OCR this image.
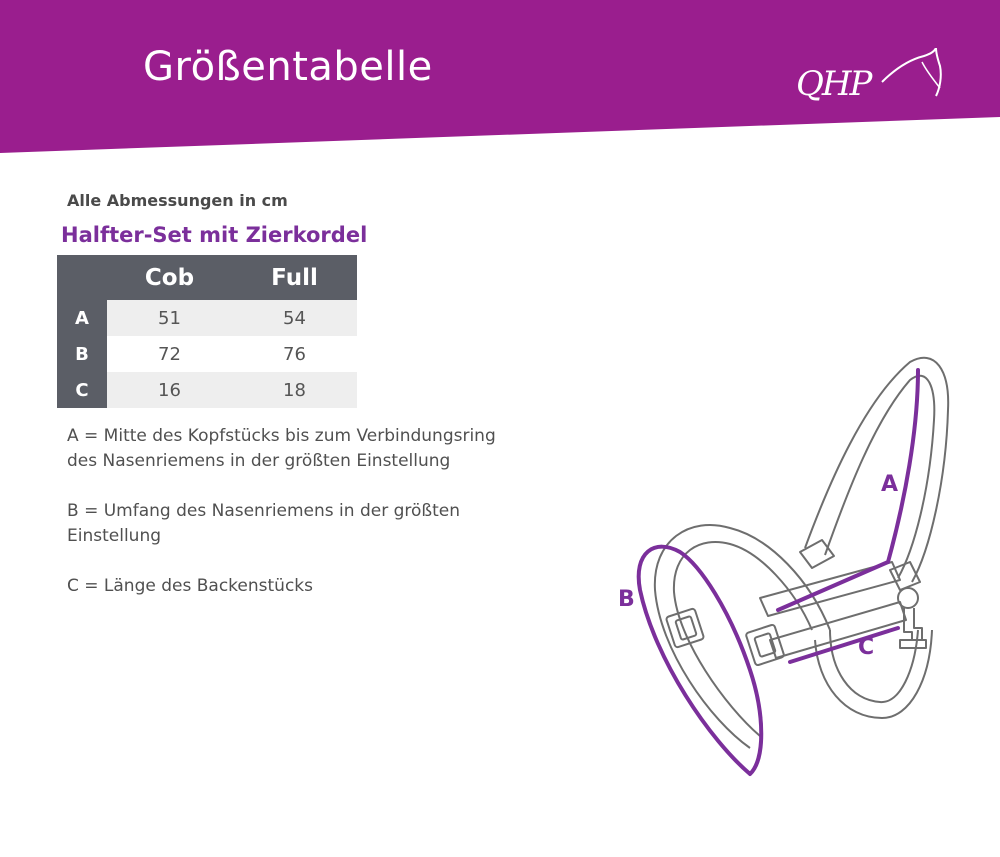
Größentabelle	QHP
Alle Abmessungen in cm
Halfter-Set mit Zierkordel
	Cob	Full
A	51	54
B	72	76
C	16	18

A = Mitte des Kopfstücks bis zum Verbindungsring des Nasenriemens in der größten Einstellung

B = Umfang des Nasenriemens in der größten Einstellung

C = Länge des Backenstücks

A
B
C
